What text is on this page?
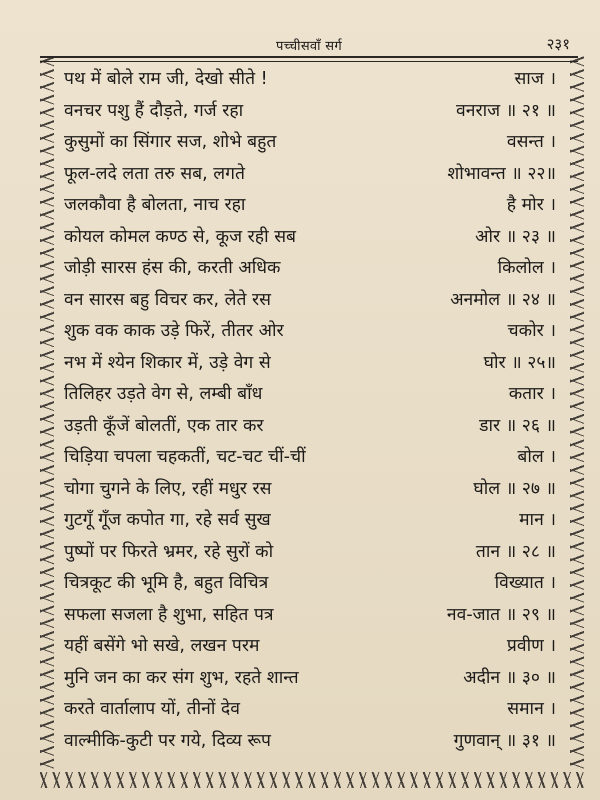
पच्चीसवाँ सर्ग	२३१
पथ में बोले राम जी, देखो सीते !	साज ।
वनचर पशु हैं दौड़ते, गर्ज रहा	वनराज ॥ २१ ॥
कुसुमों का सिंगार सज, शोभे बहुत	वसन्त ।
फूल-लदे लता तरु सब, लगते	शोभावन्त ॥ २२॥
जलकौवा है बोलता, नाच रहा	है मोर ।
कोयल कोमल कण्ठ से, कूज रही सब	ओर ॥ २३ ॥
जोड़ी सारस हंस की, करती अधिक	किलोल ।
वन सारस बहु विचर कर, लेते रस	अनमोल ॥ २४ ॥
शुक वक काक उड़े फिरें, तीतर ओर	चकोर ।
नभ में श्येन शिकार में, उड़े वेग से	घोर ॥ २५॥
तिलिहर उड़ते वेग से, लम्बी बाँध	कतार ।
उड़ती कूँजें बोलतीं, एक तार कर	डार ॥ २६ ॥
चिड़िया चपला चहकतीं, चट-चट चीं-चीं	बोल ।
चोगा चुगने के लिए, रहीं मधुर रस	घोल ॥ २७ ॥
गुटगूँ गूँज कपोत गा, रहे सर्व सुख	मान ।
पुष्पों पर फिरते भ्रमर, रहे सुरों को	तान ॥ २८ ॥
चित्रकूट की भूमि है, बहुत विचित्र	विख्यात ।
सफला सजला है शुभा, सहित पत्र	नव-जात ॥ २९ ॥
यहीं बसेंगे भो सखे, लखन परम	प्रवीण ।
मुनि जन का कर संग शुभ, रहते शान्त	अदीन ॥ ३० ॥
करते वार्तालाप यों, तीनों देव	समान ।
वाल्मीकि-कुटी पर गये, दिव्य रूप	गुणवान् ॥ ३१ ॥
